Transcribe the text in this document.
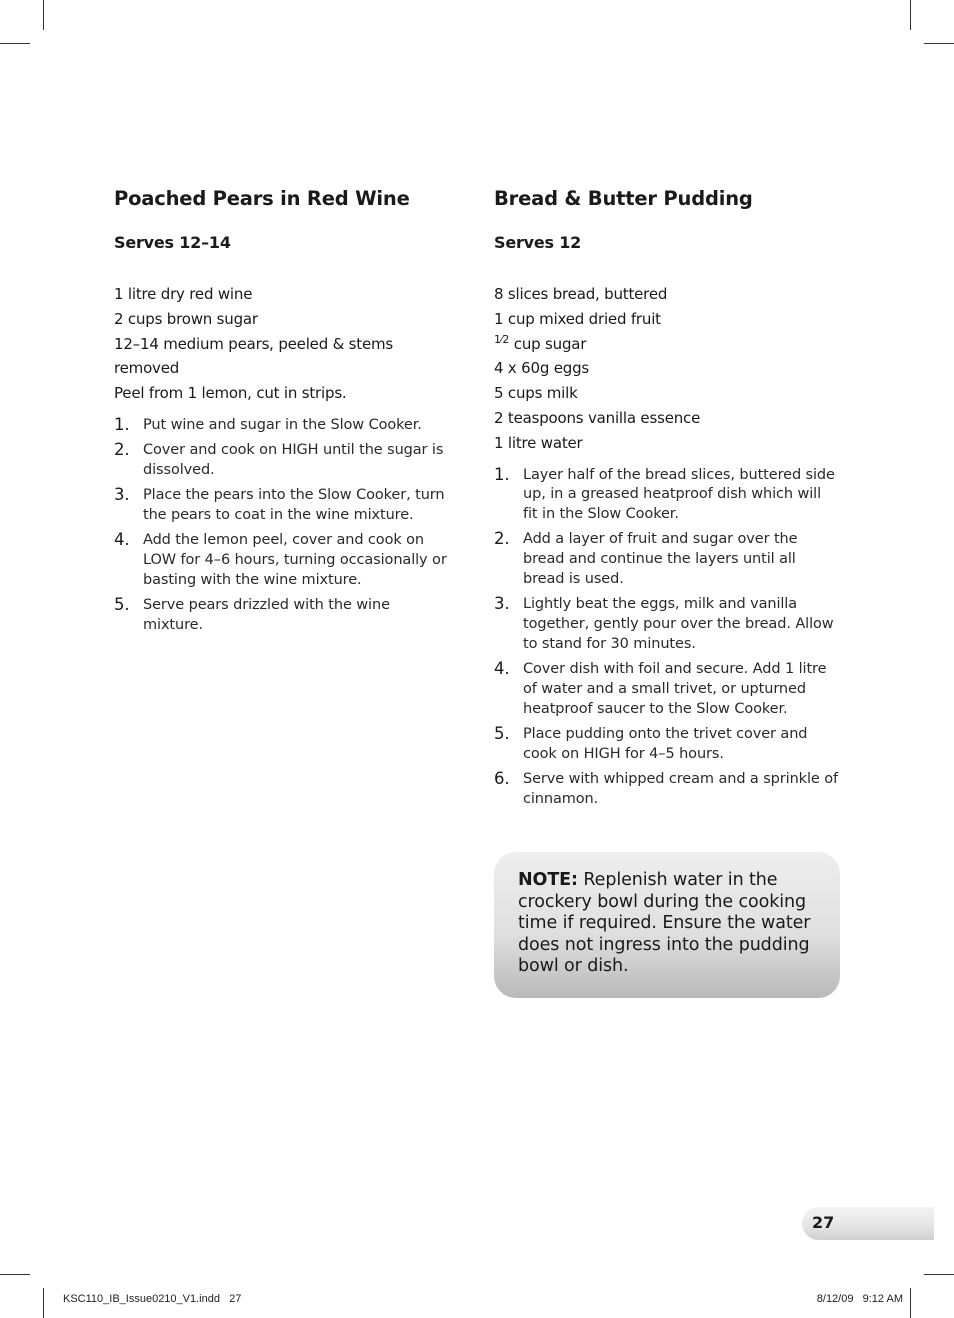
Poached Pears in Red Wine
Serves 12–14
1 litre dry red wine
2 cups brown sugar
12–14 medium pears, peeled & stems removed
Peel from 1 lemon, cut in strips.
1. Put wine and sugar in the Slow Cooker.
2. Cover and cook on HIGH until the sugar is dissolved.
3. Place the pears into the Slow Cooker, turn the pears to coat in the wine mixture.
4. Add the lemon peel, cover and cook on LOW for 4–6 hours, turning occasionally or basting with the wine mixture.
5. Serve pears drizzled with the wine mixture.
Bread & Butter Pudding
Serves 12
8 slices bread, buttered
1 cup mixed dried fruit
$^{1⁄2}$ cup sugar
4 x 60g eggs
5 cups milk
2 teaspoons vanilla essence
1 litre water
1. Layer half of the bread slices, buttered side up, in a greased heatproof dish which will fit in the Slow Cooker.
2. Add a layer of fruit and sugar over the bread and continue the layers until all bread is used.
3. Lightly beat the eggs, milk and vanilla together, gently pour over the bread. Allow to stand for 30 minutes.
4. Cover dish with foil and secure. Add 1 litre of water and a small trivet, or upturned heatproof saucer to the Slow Cooker.
5. Place pudding onto the trivet cover and cook on HIGH for 4–5 hours.
6. Serve with whipped cream and a sprinkle of cinnamon.
NOTE: Replenish water in the crockery bowl during the cooking time if required. Ensure the water does not ingress into the pudding bowl or dish.
27
KSC110_IB_Issue0210_V1.indd   27	8/12/09   9:12 AM
